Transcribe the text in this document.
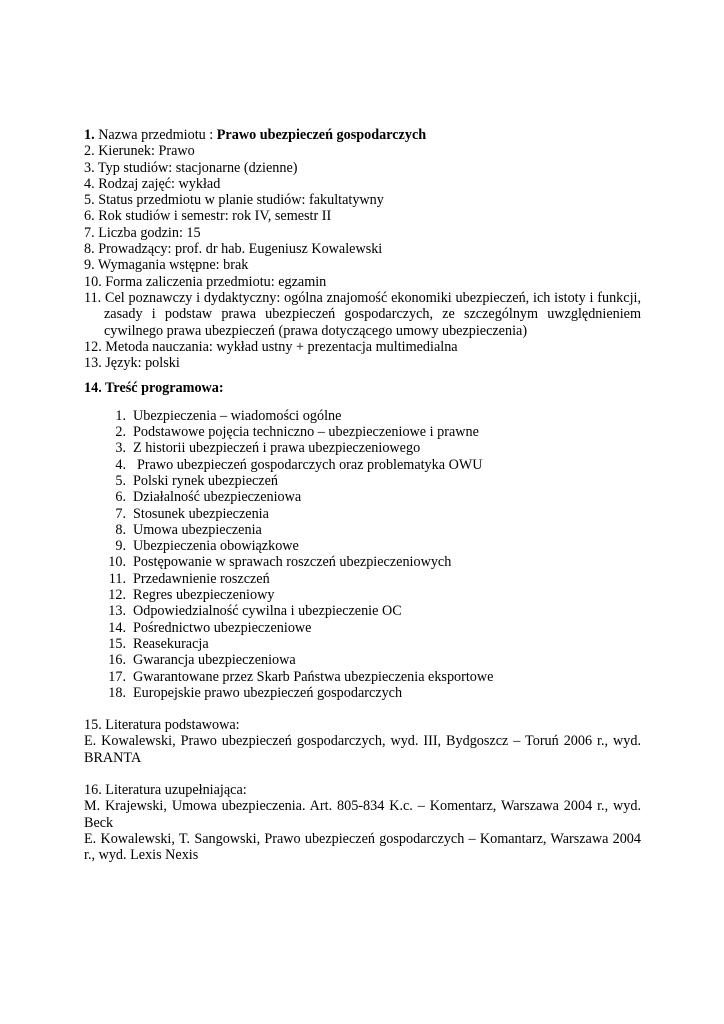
1. Nazwa przedmiotu : Prawo ubezpieczeń gospodarczych
2. Kierunek: Prawo
3. Typ studiów: stacjonarne (dzienne)
4. Rodzaj zajęć: wykład
5. Status przedmiotu w planie studiów: fakultatywny
6. Rok studiów i semestr: rok IV, semestr II
7. Liczba godzin: 15
8. Prowadzący: prof. dr hab. Eugeniusz Kowalewski
9. Wymagania wstępne: brak
10. Forma zaliczenia przedmiotu: egzamin
11. Cel poznawczy i dydaktyczny: ogólna znajomość ekonomiki ubezpieczeń, ich istoty i funkcji, zasady i podstaw prawa ubezpieczeń gospodarczych, ze szczególnym uwzględnieniem cywilnego prawa ubezpieczeń (prawa dotyczącego umowy ubezpieczenia)
12. Metoda nauczania: wykład ustny + prezentacja multimedialna
13. Język: polski
14. Treść programowa:
1. Ubezpieczenia – wiadomości ogólne
2. Podstawowe pojęcia techniczno – ubezpieczeniowe i prawne
3. Z historii ubezpieczeń i prawa ubezpieczeniowego
4. Prawo ubezpieczeń gospodarczych oraz problematyka OWU
5. Polski rynek ubezpieczeń
6. Działalność ubezpieczeniowa
7. Stosunek ubezpieczenia
8. Umowa ubezpieczenia
9. Ubezpieczenia obowiązkowe
10. Postępowanie w sprawach roszczeń ubezpieczeniowych
11. Przedawnienie roszczeń
12. Regres ubezpieczeniowy
13. Odpowiedzialność cywilna i ubezpieczenie OC
14. Pośrednictwo ubezpieczeniowe
15. Reasekuracja
16. Gwarancja ubezpieczeniowa
17. Gwarantowane przez Skarb Państwa ubezpieczenia eksportowe
18. Europejskie prawo ubezpieczeń gospodarczych
15. Literatura podstawowa:
E. Kowalewski, Prawo ubezpieczeń gospodarczych, wyd. III, Bydgoszcz – Toruń 2006 r., wyd. BRANTA
16. Literatura uzupełniająca:
M. Krajewski, Umowa ubezpieczenia. Art. 805-834 K.c. – Komentarz, Warszawa 2004 r., wyd. Beck
E. Kowalewski, T. Sangowski, Prawo ubezpieczeń gospodarczych – Komantarz, Warszawa 2004 r., wyd. Lexis Nexis
